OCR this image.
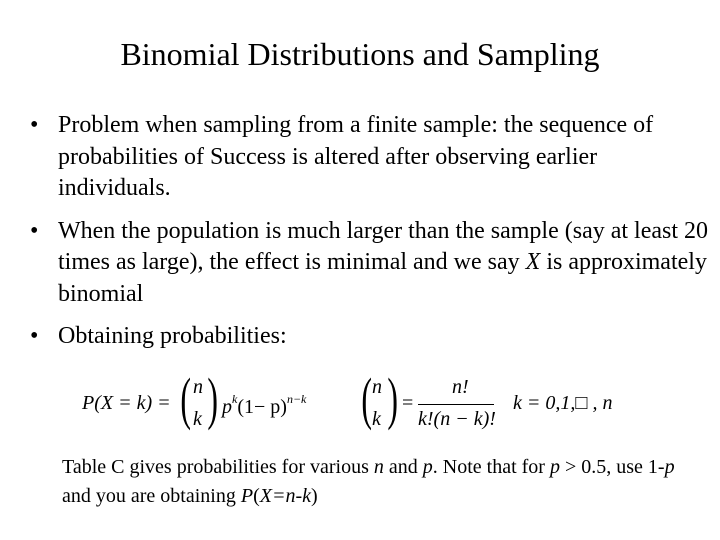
Binomial Distributions and Sampling
• Problem when sampling from a finite sample: the sequence of probabilities of Success is altered after observing earlier individuals.
• When the population is much larger than the sample (say at least 20 times as large), the effect is minimal and we say X is approximately binomial
• Obtaining probabilities:
P(X = k) = ( n
k ) $p^k(1- p)^{n-k}$ ( n
k ) =
n!
k!(n − k)!
k = 0,1,□ , n
Table C gives probabilities for various n and p. Note that for p > 0.5, use 1-p and you are obtaining P(X=n-k)
